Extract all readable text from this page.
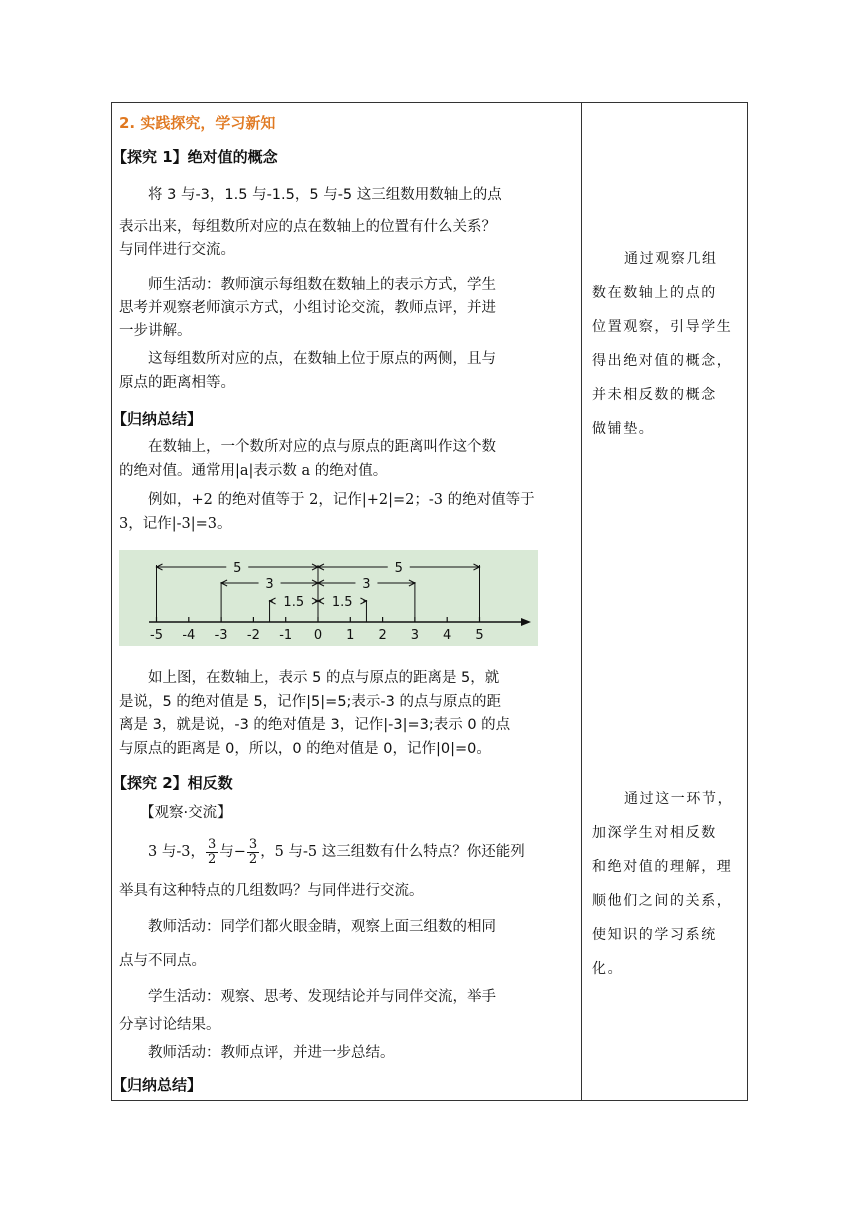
2. 实践探究，学习新知
【探究 1】绝对值的概念
将 3 与-3，1.5 与-1.5，5 与-5 这三组数用数轴上的点
表示出来，每组数所对应的点在数轴上的位置有什么关系？
与同伴进行交流。
师生活动：教师演示每组数在数轴上的表示方式，学生
思考并观察老师演示方式，小组讨论交流，教师点评，并进
一步讲解。
这每组数所对应的点，在数轴上位于原点的两侧，且与
原点的距离相等。
【归纳总结】
在数轴上，一个数所对应的点与原点的距离叫作这个数
的绝对值。通常用|a|表示数 a 的绝对值。
例如，+2 的绝对值等于 2，记作|+2|=2；-3 的绝对值等于
3，记作|-3|=3。
-5 -4 -3 -2 -1 0 1 2 3 4 5
5
3
1.5 1.5
3
5
如上图，在数轴上，表示 5 的点与原点的距离是 5，就
是说，5 的绝对值是 5，记作|5|=5;表示-3 的点与原点的距
离是 3，就是说，-3 的绝对值是 3，记作|-3|=3;表示 0 的点
与原点的距离是 0，所以，0 的绝对值是 0，记作|0|=0。
【探究 2】相反数
【观察·交流】
3 与-3， $\frac{3}{2}$ 与− $\frac{3}{2}$ ，5 与-5 这三组数有什么特点？你还能列
举具有这种特点的几组数吗？与同伴进行交流。
教师活动：同学们都火眼金睛，观察上面三组数的相同
点与不同点。
学生活动：观察、思考、发现结论并与同伴交流，举手
分享讨论结果。
教师活动：教师点评，并进一步总结。
【归纳总结】
通过观察几组
数在数轴上的点的
位置观察，引导学生
得出绝对值的概念，
并未相反数的概念
做铺垫。
通过这一环节，
加深学生对相反数
和绝对值的理解，理
顺他们之间的关系，
使知识的学习系统
化。
